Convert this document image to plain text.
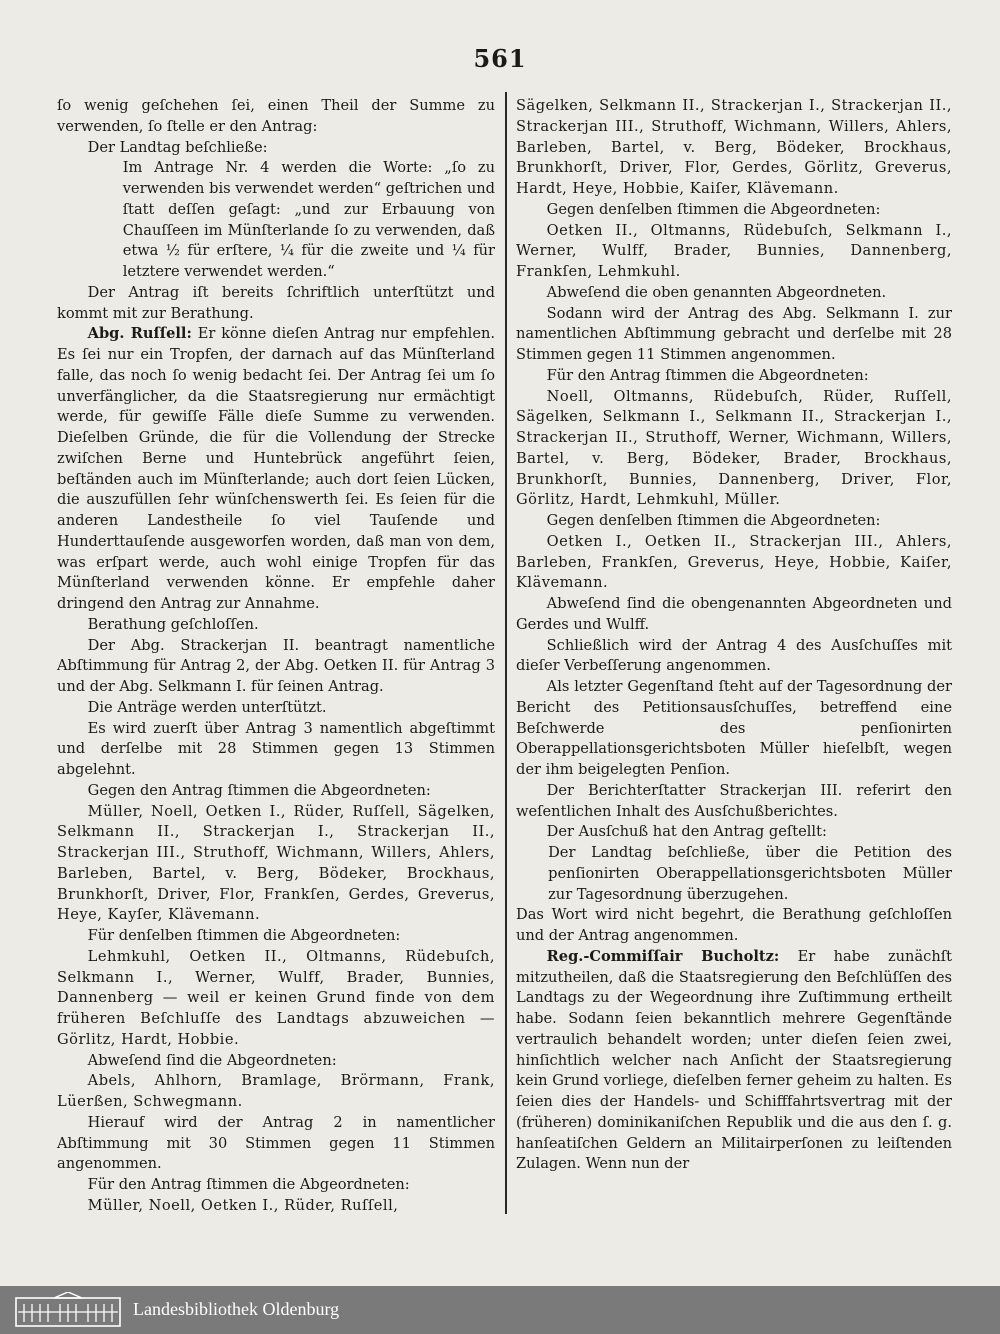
561

ſo wenig geſchehen ſei, einen Theil der Summe zu verwenden, ſo ſtelle er den Antrag:

Der Landtag beſchließe:

Im Antrage Nr. 4 werden die Worte: „ſo zu verwenden bis verwendet werden“ geſtrichen und ſtatt deſſen geſagt: „und zur Erbauung von Chauſſeen im Münſterlande ſo zu verwenden, daß etwa ½ für erſtere, ¼ für die zweite und ¼ für letztere verwendet werden.“

Der Antrag iſt bereits ſchriftlich unterſtützt und kommt mit zur Berathung.

Abg. Ruſſell: Er könne dieſen Antrag nur empfehlen. Es ſei nur ein Tropfen, der darnach auf das Münſterland falle, das noch ſo wenig bedacht ſei. Der Antrag ſei um ſo unverfänglicher, da die Staatsregierung nur ermächtigt werde, für gewiſſe Fälle dieſe Summe zu verwenden. Dieſelben Gründe, die für die Vollendung der Strecke zwiſchen Berne und Huntebrück angeführt ſeien, beſtänden auch im Münſterlande; auch dort ſeien Lücken, die auszufüllen ſehr wünſchenswerth ſei. Es ſeien für die anderen Landestheile ſo viel Tauſende und Hunderttauſende ausgeworfen worden, daß man von dem, was erſpart werde, auch wohl einige Tropfen für das Münſterland verwenden könne. Er empfehle daher dringend den Antrag zur Annahme.

Berathung geſchloſſen.

Der Abg. Strackerjan II. beantragt namentliche Abſtimmung für Antrag 2, der Abg. Oetken II. für Antrag 3 und der Abg. Selkmann I. für ſeinen Antrag.

Die Anträge werden unterſtützt.

Es wird zuerſt über Antrag 3 namentlich abgeſtimmt und derſelbe mit 28 Stimmen gegen 13 Stimmen abgelehnt.

Gegen den Antrag ſtimmen die Abgeordneten:

Müller, Noell, Oetken I., Rüder, Ruſſell, Sägelken, Selkmann II., Strackerjan I., Strackerjan II., Strackerjan III., Struthoff, Wichmann, Willers, Ahlers, Barleben, Bartel, v. Berg, Bödeker, Brockhaus, Brunkhorſt, Driver, Flor, Frankſen, Gerdes, Greverus, Heye, Kayſer, Klävemann.

Für denſelben ſtimmen die Abgeordneten:

Lehmkuhl, Oetken II., Oltmanns, Rüdebuſch, Selkmann I., Werner, Wulff, Brader, Bunnies, Dannenberg — weil er keinen Grund finde von dem früheren Beſchluſſe des Landtags abzuweichen — Görlitz, Hardt, Hobbie.

Abweſend ſind die Abgeordneten:

Abels, Ahlhorn, Bramlage, Brörmann, Frank, Lüerßen, Schwegmann.

Hierauf wird der Antrag 2 in namentlicher Abſtimmung mit 30 Stimmen gegen 11 Stimmen angenommen.

Für den Antrag ſtimmen die Abgeordneten:

Müller, Noell, Oetken I., Rüder, Ruſſell,

Sägelken, Selkmann II., Strackerjan I., Strackerjan II., Strackerjan III., Struthoff, Wichmann, Willers, Ahlers, Barleben, Bartel, v. Berg, Bödeker, Brockhaus, Brunkhorſt, Driver, Flor, Gerdes, Görlitz, Greverus, Hardt, Heye, Hobbie, Kaiſer, Klävemann.

Gegen denſelben ſtimmen die Abgeordneten:

Oetken II., Oltmanns, Rüdebuſch, Selkmann I., Werner, Wulff, Brader, Bunnies, Dannenberg, Frankſen, Lehmkuhl.

Abweſend die oben genannten Abgeordneten.

Sodann wird der Antrag des Abg. Selkmann I. zur namentlichen Abſtimmung gebracht und derſelbe mit 28 Stimmen gegen 11 Stimmen angenommen.

Für den Antrag ſtimmen die Abgeordneten:

Noell, Oltmanns, Rüdebuſch, Rüder, Ruſſell, Sägelken, Selkmann I., Selkmann II., Strackerjan I., Strackerjan II., Struthoff, Werner, Wichmann, Willers, Bartel, v. Berg, Bödeker, Brader, Brockhaus, Brunkhorſt, Bunnies, Dannenberg, Driver, Flor, Görlitz, Hardt, Lehmkuhl, Müller.

Gegen denſelben ſtimmen die Abgeordneten:

Oetken I., Oetken II., Strackerjan III., Ahlers, Barleben, Frankſen, Greverus, Heye, Hobbie, Kaiſer, Klävemann.

Abweſend ſind die obengenannten Abgeordneten und Gerdes und Wulff.

Schließlich wird der Antrag 4 des Ausſchuſſes mit dieſer Verbeſſerung angenommen.

Als letzter Gegenſtand ſteht auf der Tagesordnung der Bericht des Petitionsausſchuſſes, betreffend eine Beſchwerde des penſionirten Oberappellationsgerichtsboten Müller hieſelbſt, wegen der ihm beigelegten Penſion.

Der Berichterſtatter Strackerjan III. referirt den weſentlichen Inhalt des Ausſchußberichtes.

Der Ausſchuß hat den Antrag geſtellt:

Der Landtag beſchließe, über die Petition des penſionirten Oberappellationsgerichtsboten Müller zur Tagesordnung überzugehen.

Das Wort wird nicht begehrt, die Berathung geſchloſſen und der Antrag angenommen.

Reg.-Commiſſair Bucholtz: Er habe zunächſt mitzutheilen, daß die Staatsregierung den Beſchlüſſen des Landtags zu der Wegeordnung ihre Zuſtimmung ertheilt habe. Sodann ſeien bekanntlich mehrere Gegenſtände vertraulich behandelt worden; unter dieſen ſeien zwei, hinſichtlich welcher nach Anſicht der Staatsregierung kein Grund vorliege, dieſelben ferner geheim zu halten. Es ſeien dies der Handels- und Schifffahrtsvertrag mit der (früheren) dominikaniſchen Republik und die aus den ſ. g. hanſeatiſchen Geldern an Militairperſonen zu leiſtenden Zulagen. Wenn nun der

Landesbibliothek Oldenburg
